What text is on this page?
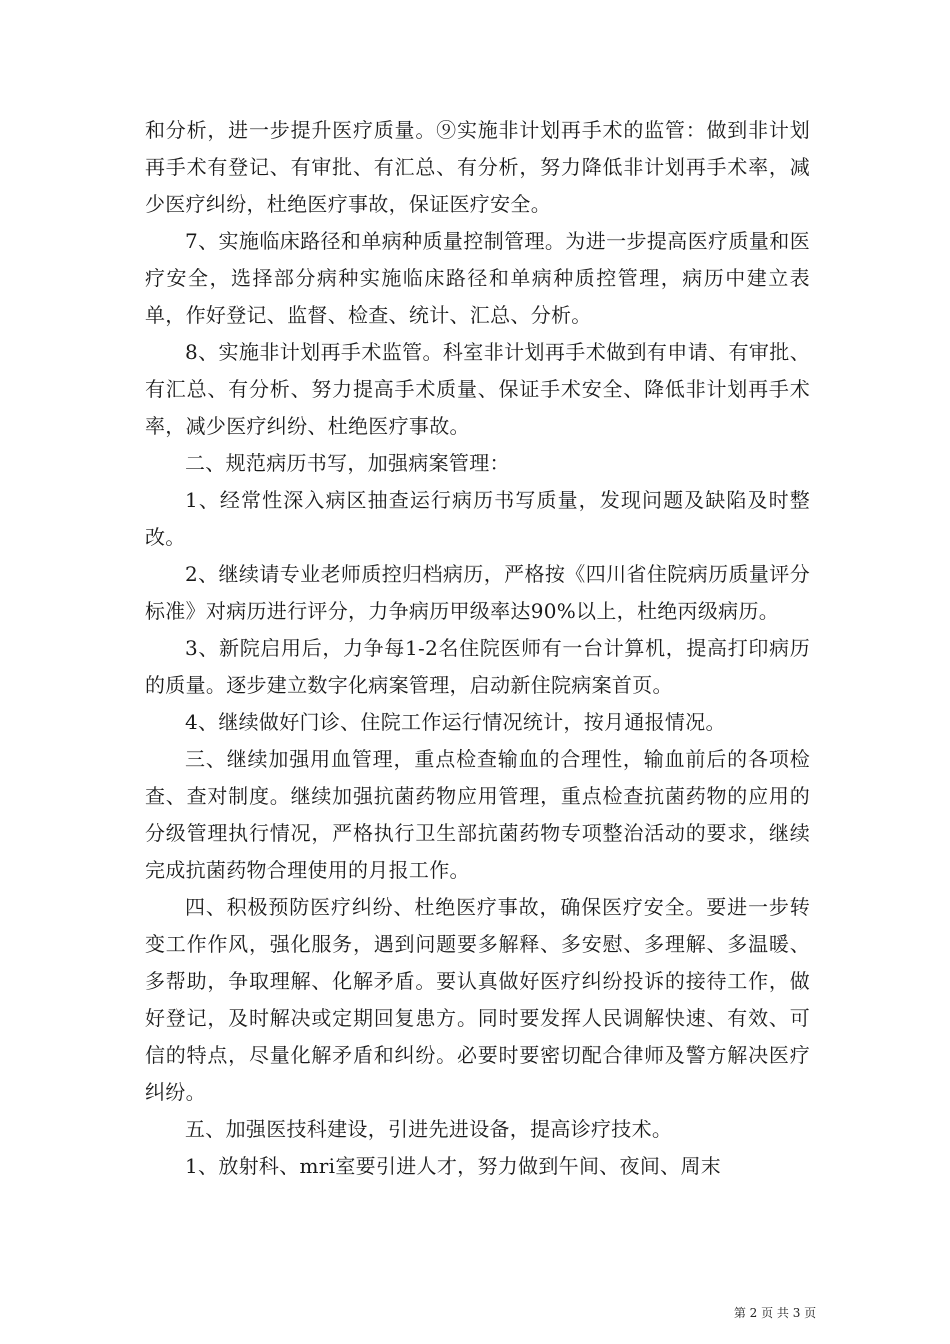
和分析，进一步提升医疗质量。⑨实施非计划再手术的监管：做到非计划再手术有登记、有审批、有汇总、有分析，努力降低非计划再手术率，减少医疗纠纷，杜绝医疗事故，保证医疗安全。

7、实施临床路径和单病种质量控制管理。为进一步提高医疗质量和医疗安全，选择部分病种实施临床路径和单病种质控管理，病历中建立表单，作好登记、监督、检查、统计、汇总、分析。

8、实施非计划再手术监管。科室非计划再手术做到有申请、有审批、有汇总、有分析、努力提高手术质量、保证手术安全、降低非计划再手术率，减少医疗纠纷、杜绝医疗事故。

二、规范病历书写，加强病案管理：

1、经常性深入病区抽查运行病历书写质量，发现问题及缺陷及时整改。

2、继续请专业老师质控归档病历，严格按《四川省住院病历质量评分标准》对病历进行评分，力争病历甲级率达90%以上，杜绝丙级病历。

3、新院启用后，力争每1-2名住院医师有一台计算机，提高打印病历的质量。逐步建立数字化病案管理，启动新住院病案首页。

4、继续做好门诊、住院工作运行情况统计，按月通报情况。

三、继续加强用血管理，重点检查输血的合理性，输血前后的各项检查、查对制度。继续加强抗菌药物应用管理，重点检查抗菌药物的应用的分级管理执行情况，严格执行卫生部抗菌药物专项整治活动的要求，继续完成抗菌药物合理使用的月报工作。

四、积极预防医疗纠纷、杜绝医疗事故，确保医疗安全。要进一步转变工作作风，强化服务，遇到问题要多解释、多安慰、多理解、多温暖、多帮助，争取理解、化解矛盾。要认真做好医疗纠纷投诉的接待工作，做好登记，及时解决或定期回复患方。同时要发挥人民调解快速、有效、可信的特点，尽量化解矛盾和纠纷。必要时要密切配合律师及警方解决医疗纠纷。

五、加强医技科建设，引进先进设备，提高诊疗技术。

1、放射科、mri室要引进人才，努力做到午间、夜间、周末

第 2 页 共 3 页
